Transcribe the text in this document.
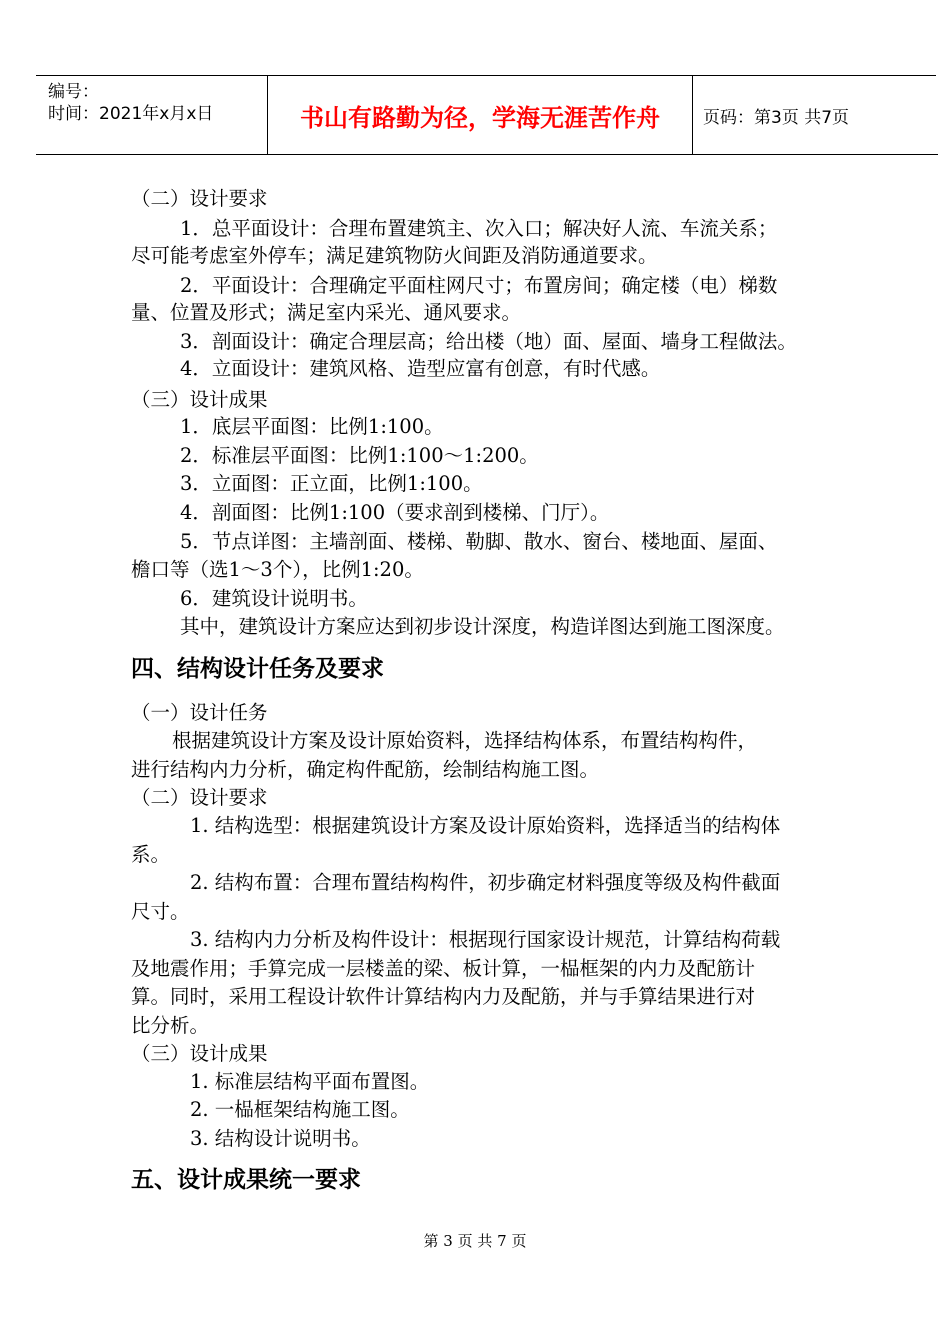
编号：
时间：2021年x月x日	书山有路勤为径，学海无涯苦作舟	页码：第3页 共7页
（二）设计要求
1．总平面设计：合理布置建筑主、次入口；解决好人流、车流关系；
尽可能考虑室外停车；满足建筑物防火间距及消防通道要求。
2．平面设计：合理确定平面柱网尺寸；布置房间；确定楼（电）梯数
量、位置及形式；满足室内采光、通风要求。
3．剖面设计：确定合理层高；给出楼（地）面、屋面、墙身工程做法。
4．立面设计：建筑风格、造型应富有创意，有时代感。
（三）设计成果
1．底层平面图：比例1:100。
2．标准层平面图：比例1:100～1:200。
3．立面图：正立面，比例1:100。
4．剖面图：比例1:100（要求剖到楼梯、门厅）。
5．节点详图：主墙剖面、楼梯、勒脚、散水、窗台、楼地面、屋面、
檐口等（选1～3个），比例1:20。
6．建筑设计说明书。
其中，建筑设计方案应达到初步设计深度，构造详图达到施工图深度。
四、结构设计任务及要求
（一）设计任务
根据建筑设计方案及设计原始资料，选择结构体系，布置结构构件，
进行结构内力分析，确定构件配筋，绘制结构施工图。
（二）设计要求
1. 结构选型：根据建筑设计方案及设计原始资料，选择适当的结构体
系。
2. 结构布置：合理布置结构构件，初步确定材料强度等级及构件截面
尺寸。
3. 结构内力分析及构件设计：根据现行国家设计规范，计算结构荷载
及地震作用；手算完成一层楼盖的梁、板计算，一榀框架的内力及配筋计
算。同时，采用工程设计软件计算结构内力及配筋，并与手算结果进行对
比分析。
（三）设计成果
1. 标准层结构平面布置图。
2. 一榀框架结构施工图。
3. 结构设计说明书。
五、设计成果统一要求
第 3 页 共 7 页
